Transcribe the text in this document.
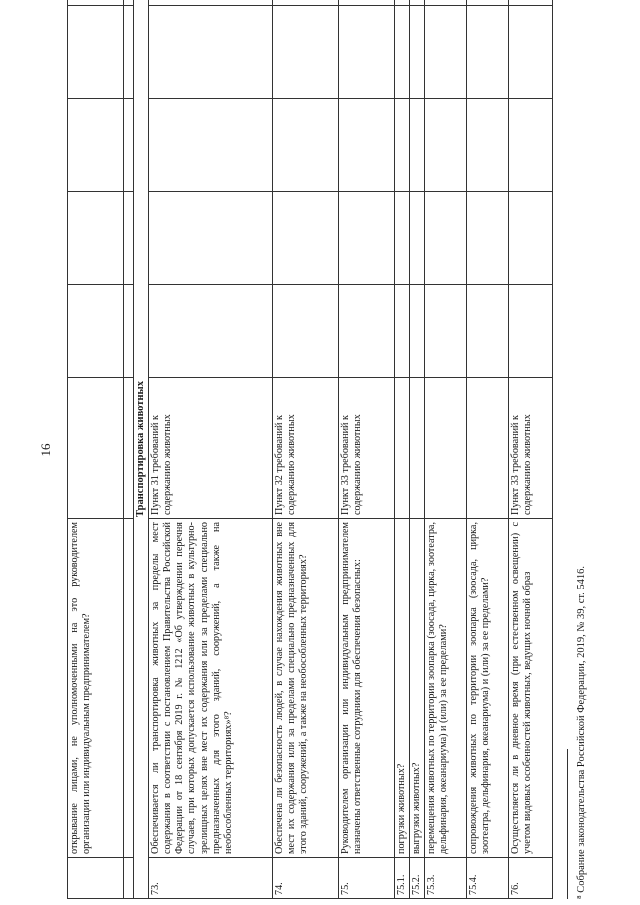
16
	открывание лицами, не уполномоченными на это руководителем организации или индивидуальным предпринимателем?						

Транспортировка животных							
73.	Обеспечивается ли транспортировка животных за пределы мест содержания в соответствии с постановлением Правительства Российской Федерации от 18 сентября 2019 г. № 1212 «Об утверждении перечня случаев, при которых допускается использование животных в культурно-зрелищных целях вне мест их содержания или за пределами специально предназначенных для этого зданий, сооружений, а также на необособленных территориях»⁸?	Пункт 31 требований к содержанию животных					
74.	Обеспечена ли безопасность людей, в случае нахождения животных вне мест их содержания или за пределами специально предназначенных для этого зданий, сооружений, а также на необособленных территориях?	Пункт 32 требований к содержанию животных					
75.	Руководителем организации или индивидуальным предпринимателем назначены ответственные сотрудники для обеспечения безопасных:	Пункт 33 требований к содержанию животных					
75.1.	погрузки животных?						
75.2.	выгрузки животных?						
75.3.	перемещения животных по территории зоопарка (зоосада, цирка, зоотеатра, дельфинария, океанариума) и (или) за ее пределами?						
75.4.	сопровождения животных по территории зоопарка (зоосада, цирка, зоотеатра, дельфинария, океанариума) и (или) за ее пределами?						
76.	Осуществляется ли в дневное время (при естественном освещении) с учетом видовых особенностей животных, ведущих ночной образ	Пункт 33 требований к содержанию животных					
⁸ Собрание законодательства Российской Федерации, 2019, № 39, ст. 5416.
